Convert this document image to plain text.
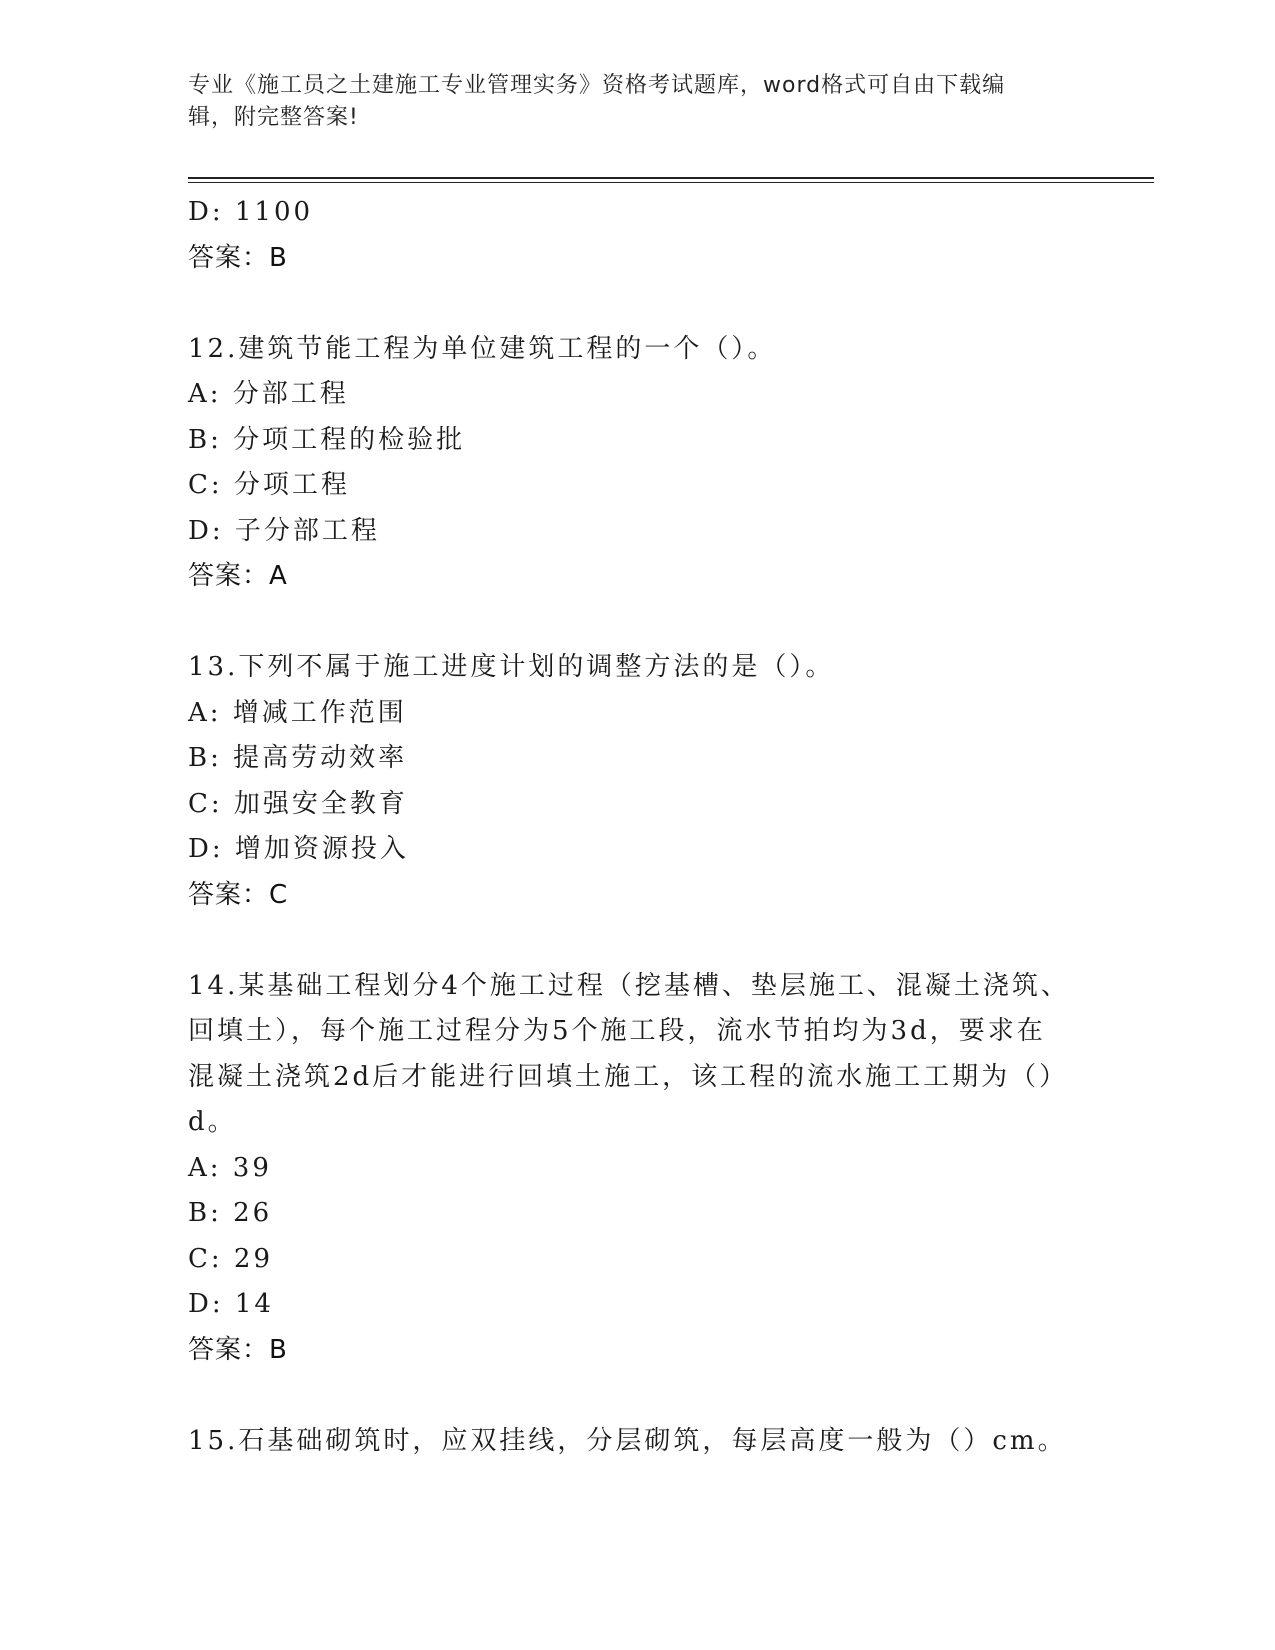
专业《施工员之土建施工专业管理实务》资格考试题库，word格式可自由下载编
辑，附完整答案!
D: 1100
答案：B
12.建筑节能工程为单位建筑工程的一个（）。
A: 分部工程
B: 分项工程的检验批
C: 分项工程
D: 子分部工程
答案：A
13.下列不属于施工进度计划的调整方法的是（）。
A: 增减工作范围
B: 提高劳动效率
C: 加强安全教育
D: 增加资源投入
答案：C
14.某基础工程划分4个施工过程（挖基槽、垫层施工、混凝土浇筑、
回填土），每个施工过程分为5个施工段，流水节拍均为3d，要求在
混凝土浇筑2d后才能进行回填土施工，该工程的流水施工工期为（）
d。
A: 39
B: 26
C: 29
D: 14
答案：B
15.石基础砌筑时，应双挂线，分层砌筑，每层高度一般为（）cm。
